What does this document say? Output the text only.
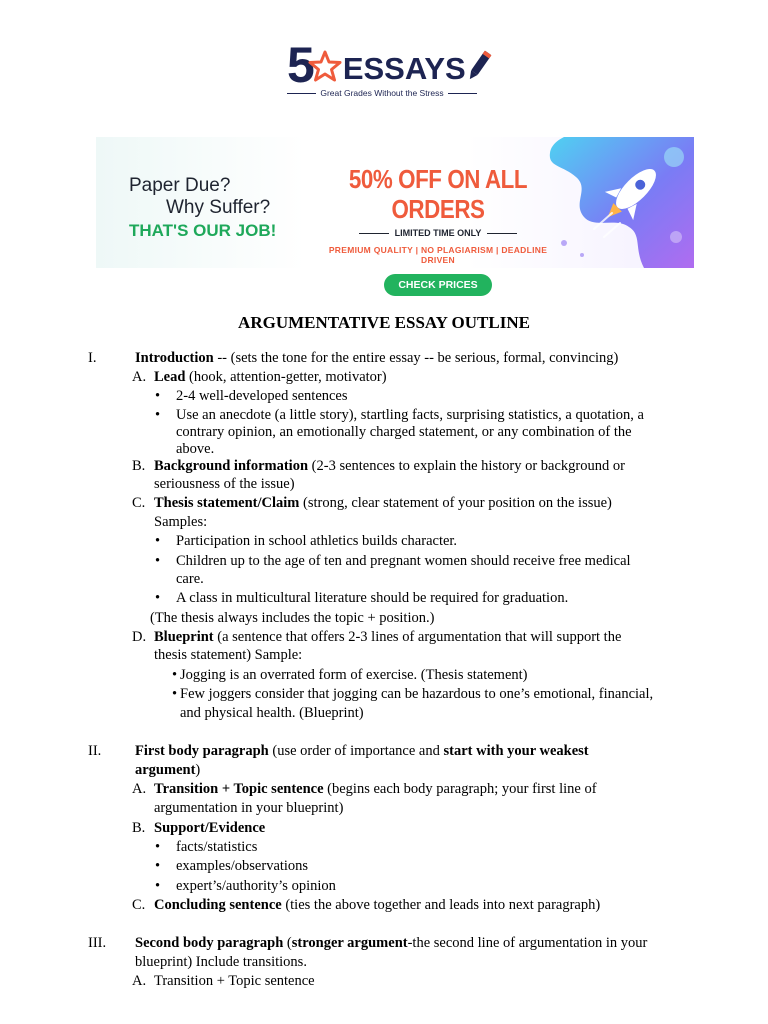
5 ESSAYS
Great Grades Without the Stress
Paper Due?
Why Suffer?
THAT'S OUR JOB!
50% OFF ON ALL ORDERS
LIMITED TIME ONLY
PREMIUM QUALITY | NO PLAGIARISM | DEADLINE DRIVEN
CHECK PRICES
ARGUMENTATIVE ESSAY OUTLINE
I.	Introduction -- (sets the tone for the entire essay -- be serious, formal, convincing)
A. Lead (hook, attention-getter, motivator)
• 2-4 well-developed sentences
• Use an anecdote (a little story), startling facts, surprising statistics, a quotation, a
contrary opinion, an emotionally charged statement, or any combination of the
above.
B. Background information (2-3 sentences to explain the history or background or
seriousness of the issue)
C. Thesis statement/Claim (strong, clear statement of your position on the issue)
Samples:
• Participation in school athletics builds character.
• Children up to the age of ten and pregnant women should receive free medical
care.
• A class in multicultural literature should be required for graduation.
(The thesis always includes the topic + position.)
D. Blueprint (a sentence that offers 2-3 lines of argumentation that will support the
thesis statement) Sample:
• Jogging is an overrated form of exercise. (Thesis statement)
• Few joggers consider that jogging can be hazardous to one’s emotional, financial,
and physical health. (Blueprint)
II. First body paragraph (use order of importance and start with your weakest
argument)
A. Transition + Topic sentence (begins each body paragraph; your first line of
argumentation in your blueprint)
B. Support/Evidence
• facts/statistics
• examples/observations
• expert’s/authority’s opinion
C. Concluding sentence (ties the above together and leads into next paragraph)
III. Second body paragraph (stronger argument-the second line of argumentation in your
blueprint) Include transitions.
A. Transition + Topic sentence
